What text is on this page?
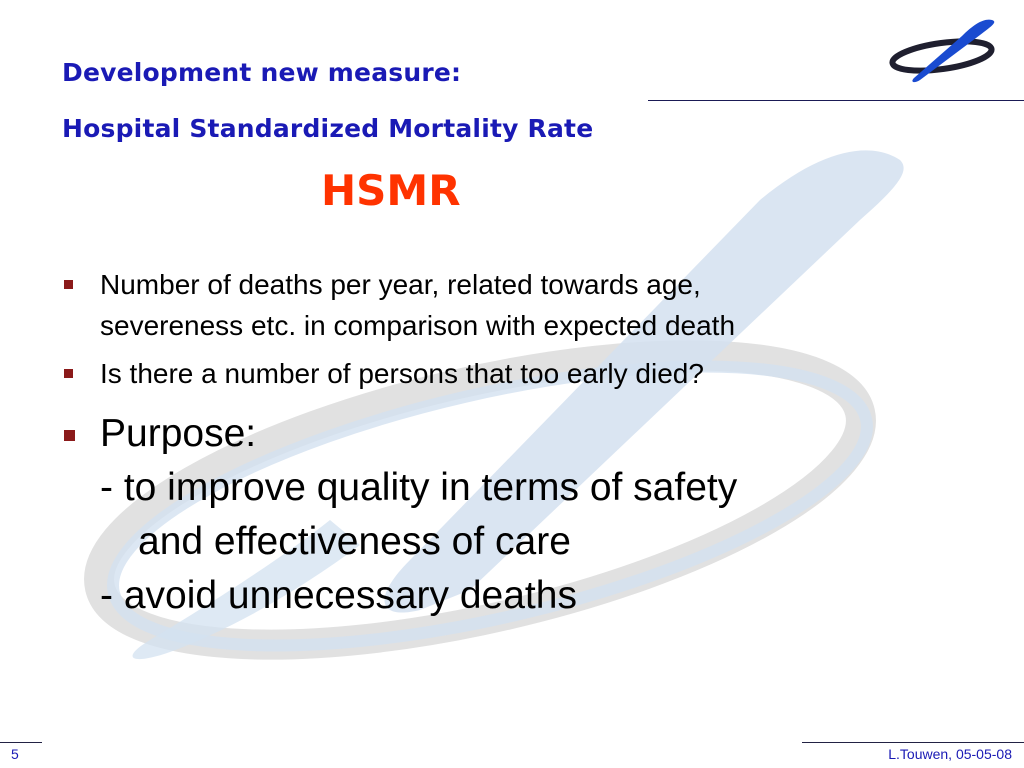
Development new measure:
Hospital Standardized Mortality Rate
HSMR
Number of deaths per year, related towards age,
severeness etc. in comparison with expected death
Is there a number of persons that too early died?
Purpose:
- to improve quality in terms of safety
and effectiveness of care
- avoid unnecessary deaths
5	L.Touwen, 05-05-08
